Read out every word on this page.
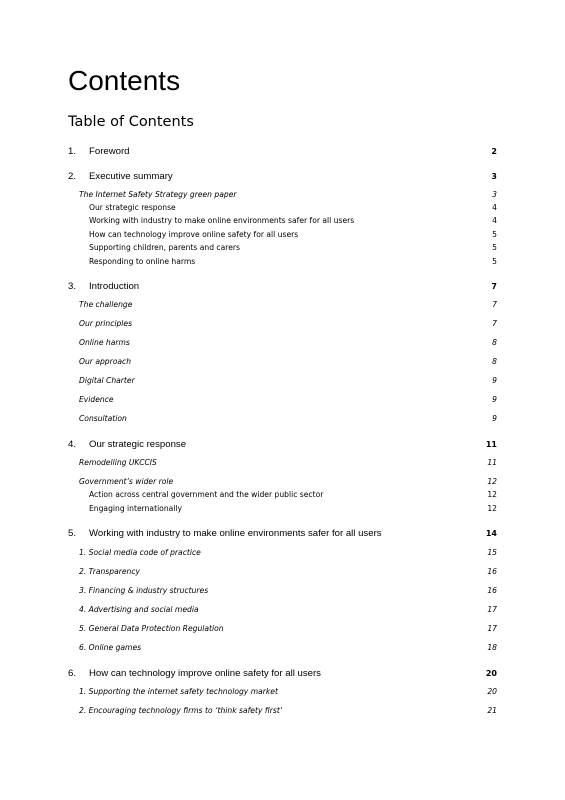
Contents
Table of Contents
1.	Foreword	2
2.	Executive summary	3
The Internet Safety Strategy green paper	3
Our strategic response	4
Working with industry to make online environments safer for all users	4
How can technology improve online safety for all users	5
Supporting children, parents and carers	5
Responding to online harms	5
3.	Introduction	7
The challenge	7
Our principles	7
Online harms	8
Our approach	8
Digital Charter	9
Evidence	9
Consultation	9
4.	Our strategic response	11
Remodelling UKCCIS	11
Government’s wider role	12
Action across central government and the wider public sector	12
Engaging internationally	12
5.	Working with industry to make online environments safer for all users	14
1. Social media code of practice	15
2. Transparency	16
3. Financing & industry structures	16
4. Advertising and social media	17
5. General Data Protection Regulation	17
6. Online games	18
6.	How can technology improve online safety for all users	20
1. Supporting the internet safety technology market	20
2. Encouraging technology firms to ‘think safety first’	21
